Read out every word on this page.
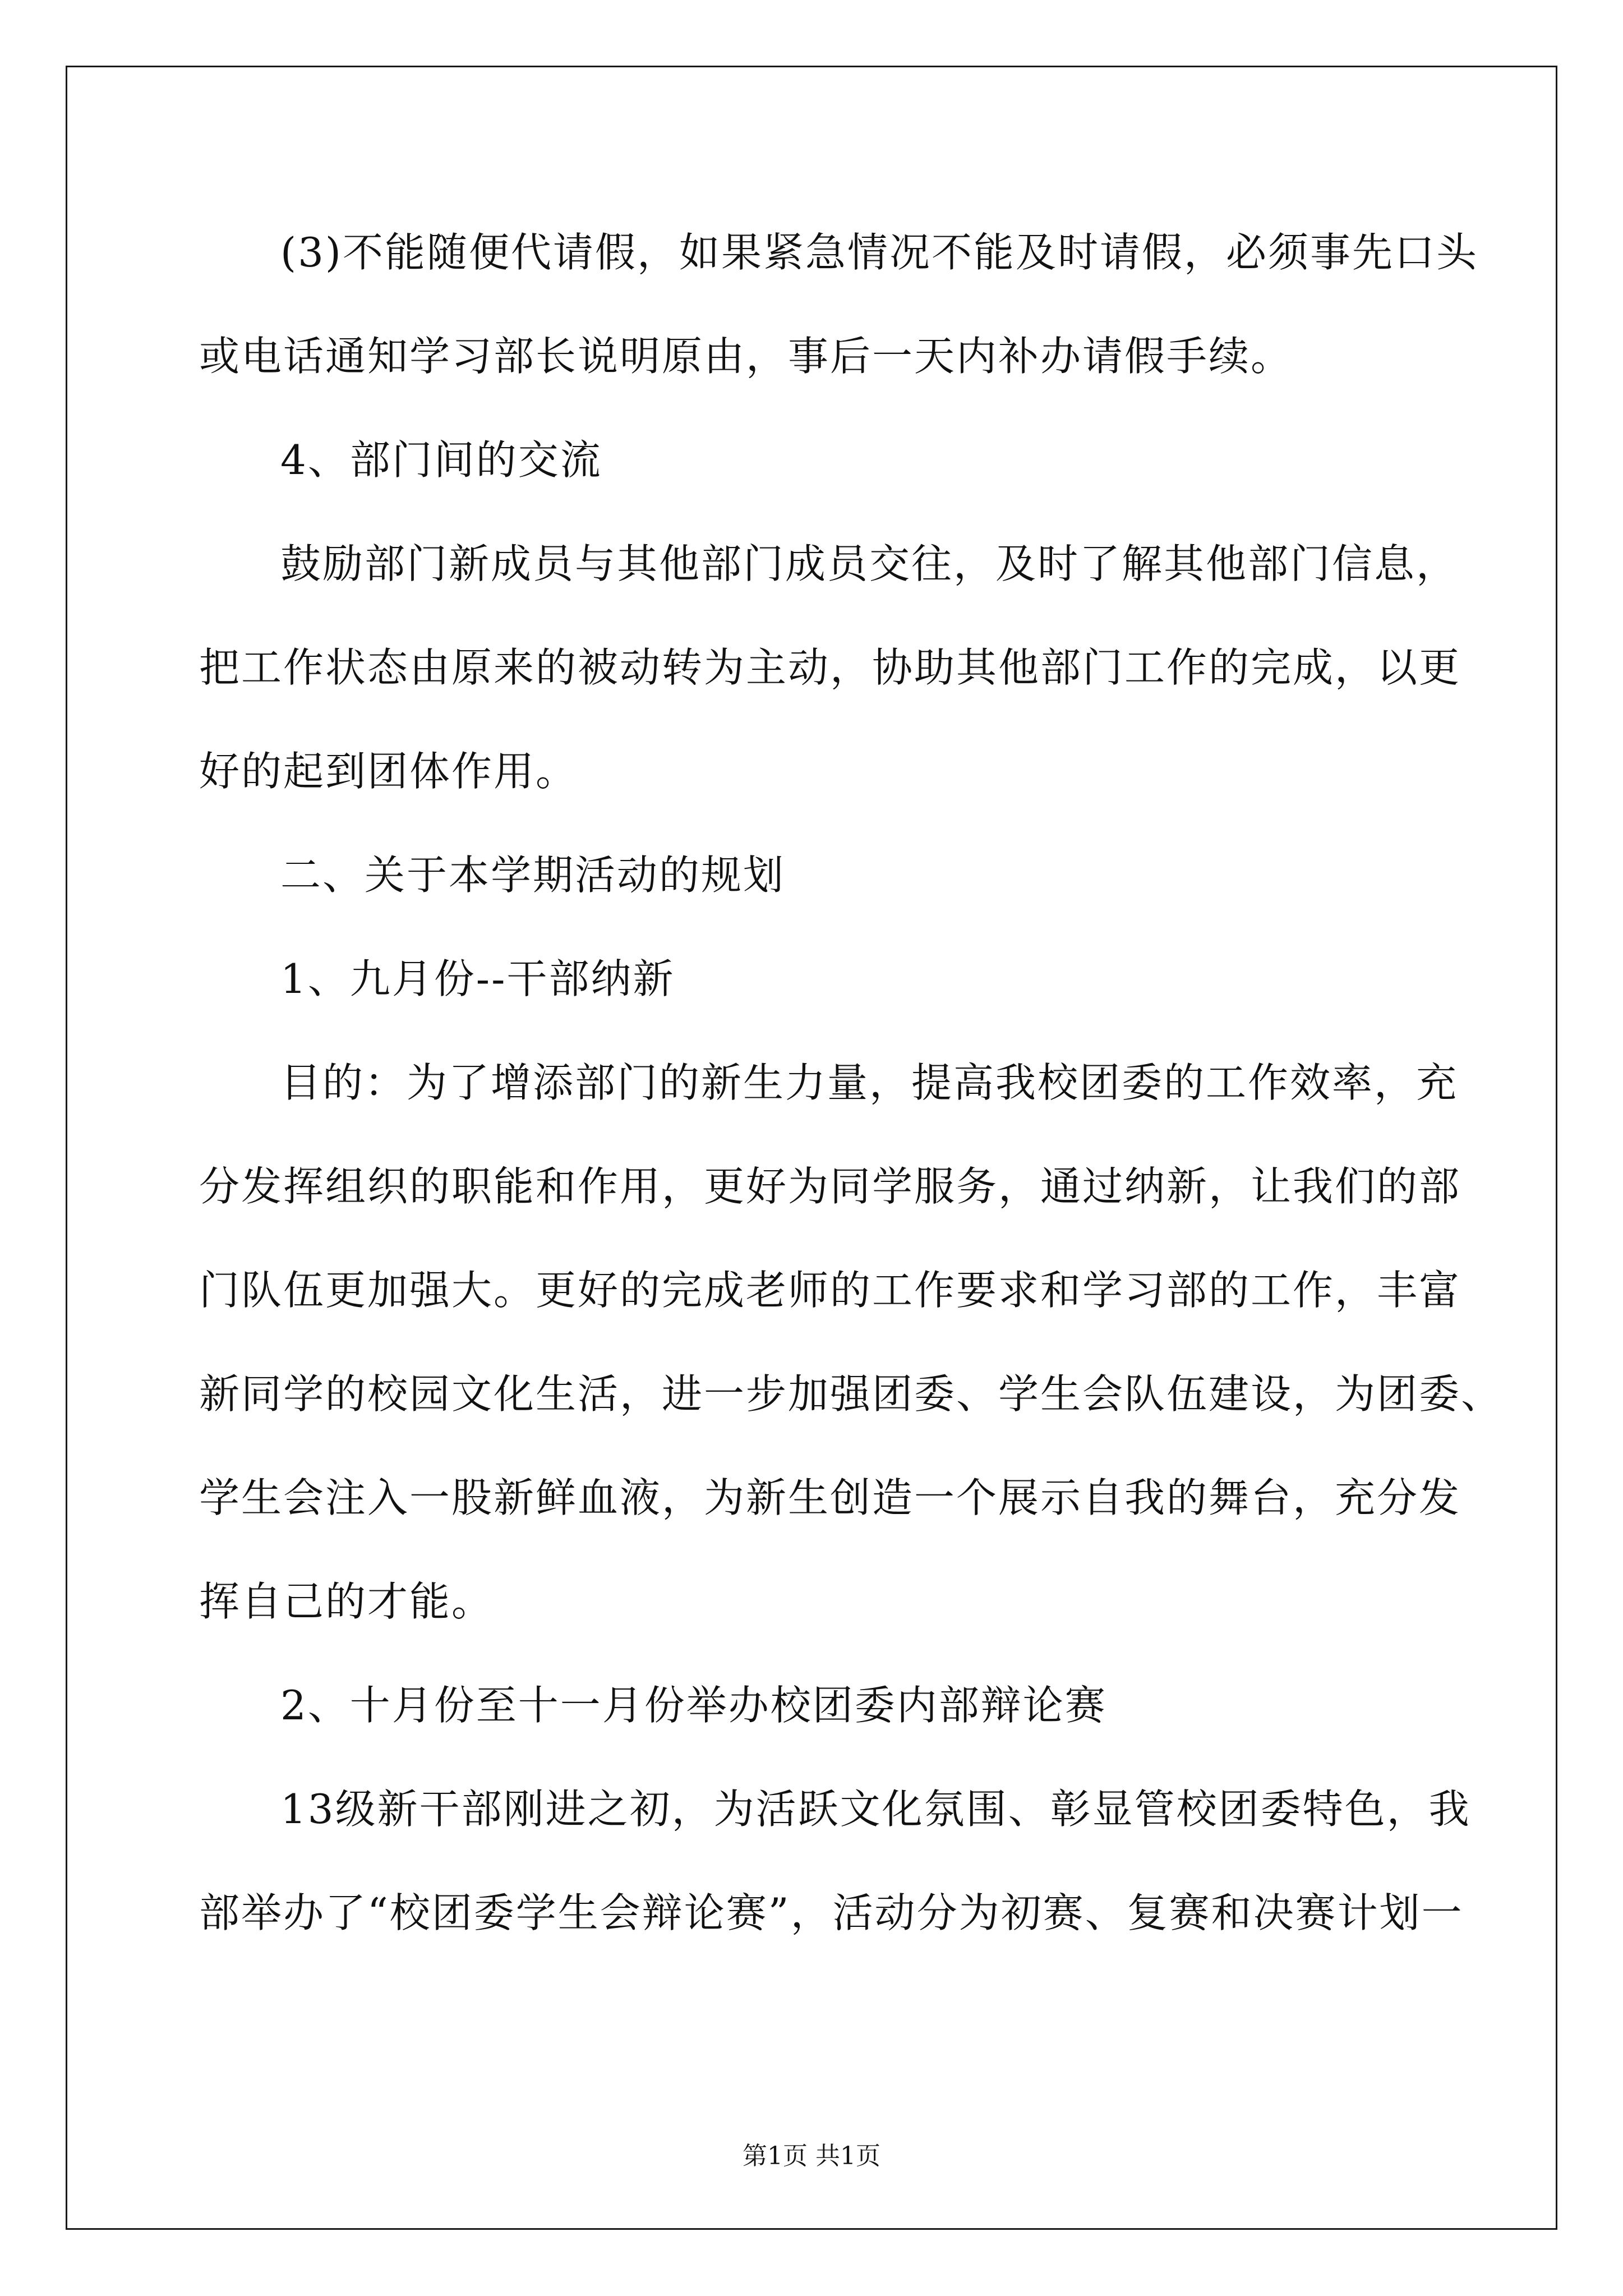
(3)不能随便代请假，如果紧急情况不能及时请假，必须事先口头
或电话通知学习部长说明原由，事后一天内补办请假手续。
4、部门间的交流
鼓励部门新成员与其他部门成员交往，及时了解其他部门信息，
把工作状态由原来的被动转为主动，协助其他部门工作的完成，以更
好的起到团体作用。
二、关于本学期活动的规划
1、九月份--干部纳新
目的：为了增添部门的新生力量，提高我校团委的工作效率，充
分发挥组织的职能和作用，更好为同学服务，通过纳新，让我们的部
门队伍更加强大。更好的完成老师的工作要求和学习部的工作，丰富
新同学的校园文化生活，进一步加强团委、学生会队伍建设，为团委、
学生会注入一股新鲜血液，为新生创造一个展示自我的舞台，充分发
挥自己的才能。
2、十月份至十一月份举办校团委内部辩论赛
13级新干部刚进之初，为活跃文化氛围、彰显管校团委特色，我
部举办了“校团委学生会辩论赛”，活动分为初赛、复赛和决赛计划一
第1页 共1页
